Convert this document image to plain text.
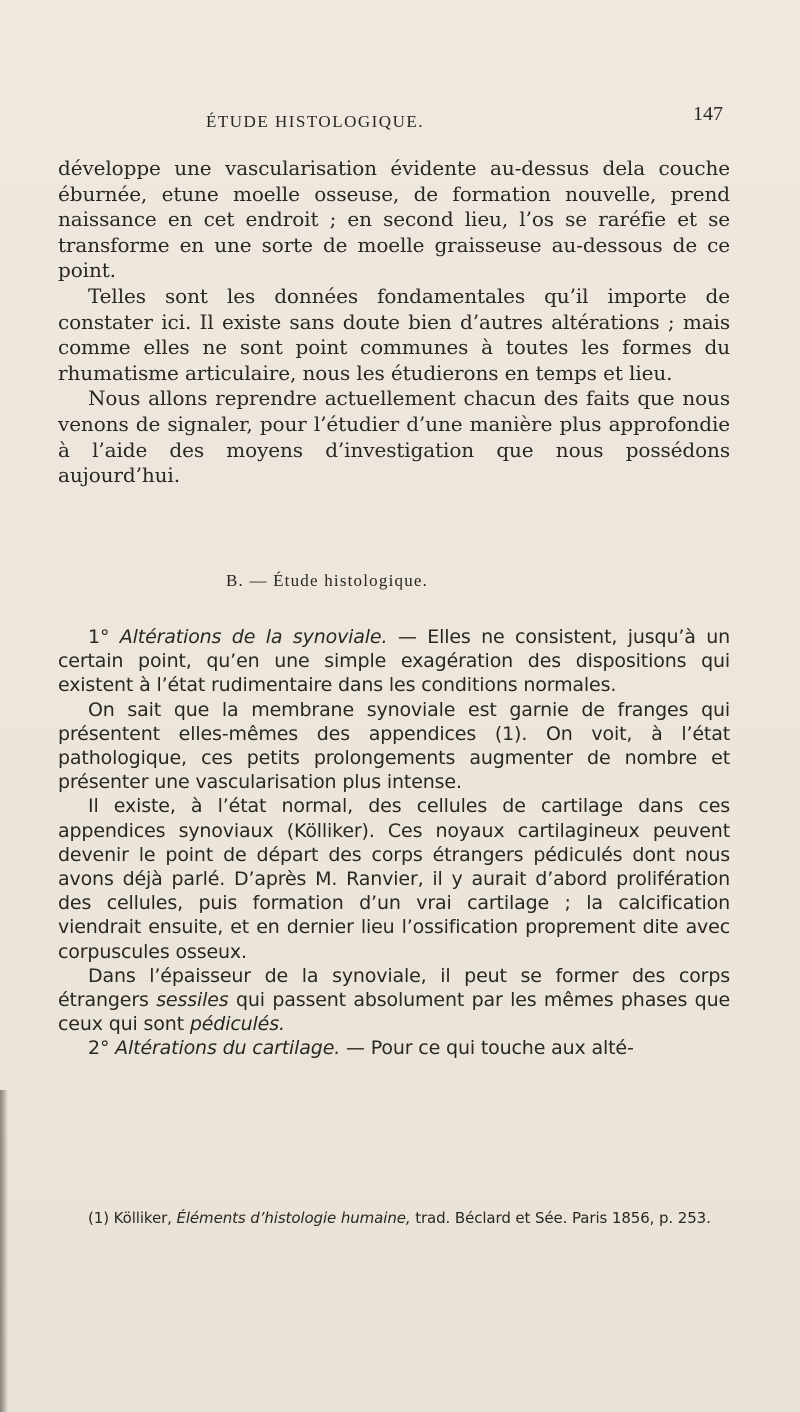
ÉTUDE HISTOLOGIQUE.	147

développe une vascularisation évidente au-dessus dela couche éburnée, etune moelle osseuse, de formation nouvelle, prend naissance en cet endroit ; en second lieu, l’os se raréfie et se transforme en une sorte de moelle graisseuse au-dessous de ce point.

Telles sont les données fondamentales qu’il importe de constater ici. Il existe sans doute bien d’autres altérations ; mais comme elles ne sont point communes à toutes les formes du rhumatisme articulaire, nous les étudierons en temps et lieu.

Nous allons reprendre actuellement chacun des faits que nous venons de signaler, pour l’étudier d’une manière plus approfondie à l’aide des moyens d’investigation que nous possédons aujourd’hui.

B. — Étude histologique.

1° Altérations de la synoviale. — Elles ne consistent, jusqu’à un certain point, qu’en une simple exagération des dispositions qui existent à l’état rudimentaire dans les conditions normales.

On sait que la membrane synoviale est garnie de franges qui présentent elles-mêmes des appendices (1). On voit, à l’état pathologique, ces petits prolongements augmenter de nombre et présenter une vascularisation plus intense.

Il existe, à l’état normal, des cellules de cartilage dans ces appendices synoviaux (Kölliker). Ces noyaux cartilagineux peuvent devenir le point de départ des corps étrangers pédiculés dont nous avons déjà parlé. D’après M. Ranvier, il y aurait d’abord prolifération des cellules, puis formation d’un vrai cartilage ; la calcification viendrait ensuite, et en dernier lieu l’ossification proprement dite avec corpuscules osseux.

Dans l’épaisseur de la synoviale, il peut se former des corps étrangers sessiles qui passent absolument par les mêmes phases que ceux qui sont pédiculés.

2° Altérations du cartilage. — Pour ce qui touche aux alté-

(1) Kölliker, Éléments d’histologie humaine, trad. Béclard et Sée. Paris 1856, p. 253.
